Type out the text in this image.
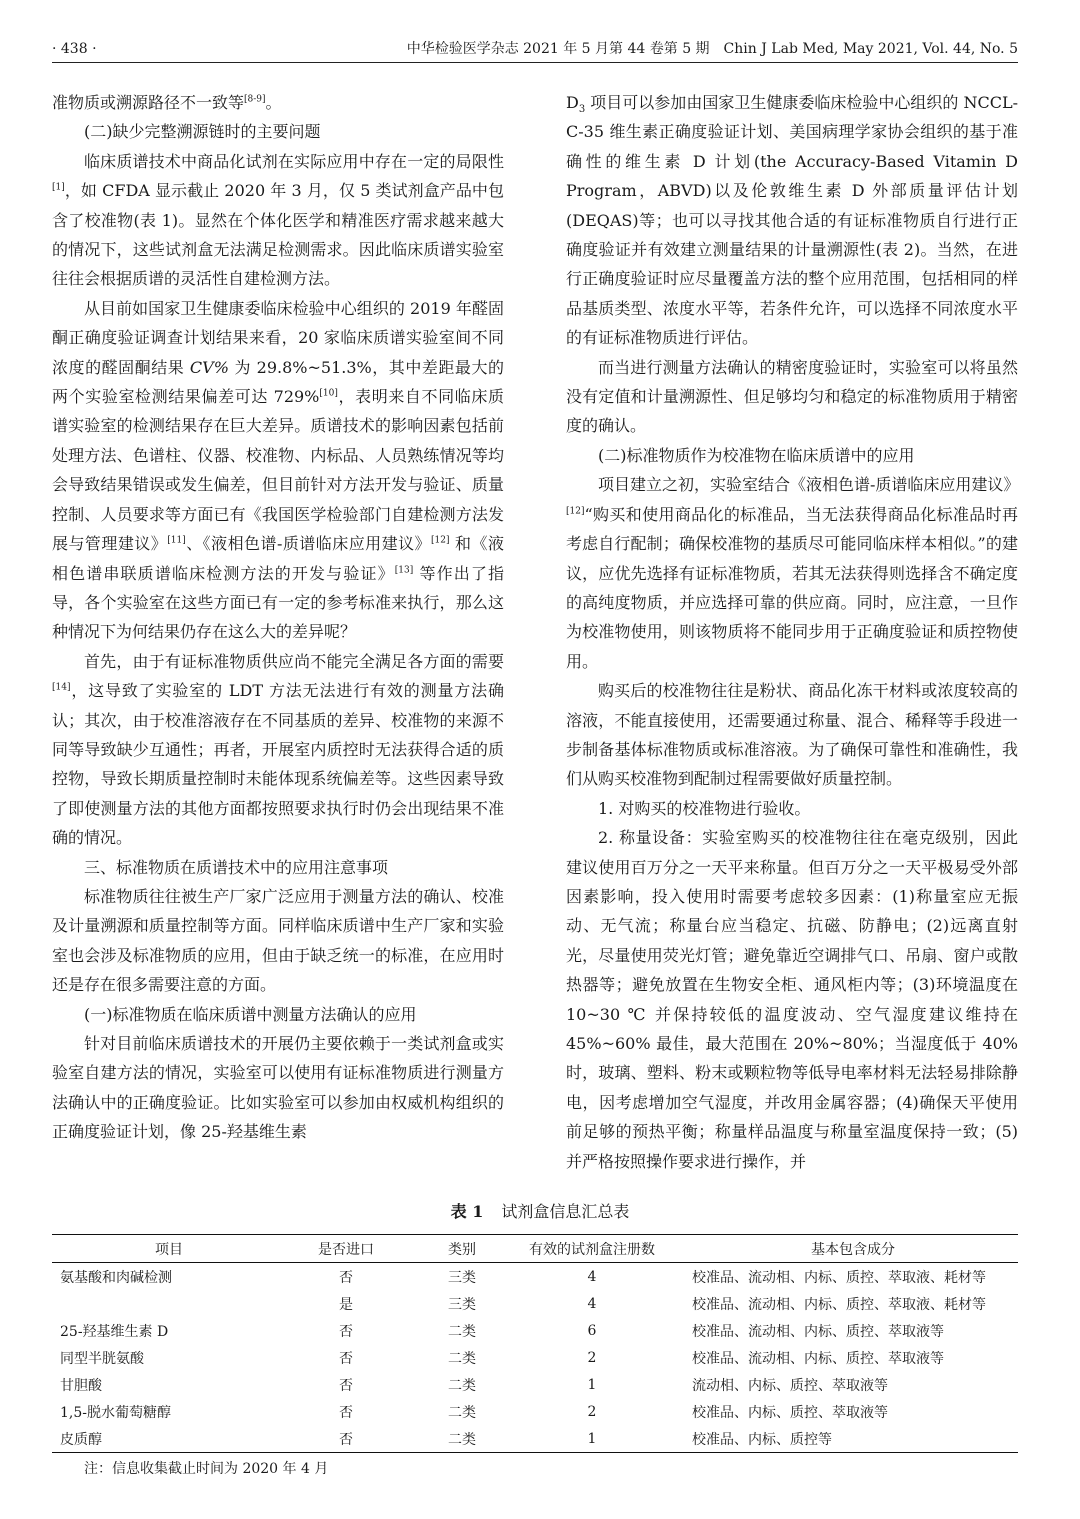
· 438 ·	中华检验医学杂志 2021 年 5 月第 44 卷第 5 期　Chin J Lab Med, May 2021, Vol. 44, No. 5

准物质或溯源路径不一致等[8-9]。

(二)缺少完整溯源链时的主要问题

临床质谱技术中商品化试剂在实际应用中存在一定的局限性[1]，如 CFDA 显示截止 2020 年 3 月，仅 5 类试剂盒产品中包含了校准物(表 1)。显然在个体化医学和精准医疗需求越来越大的情况下，这些试剂盒无法满足检测需求。因此临床质谱实验室往往会根据质谱的灵活性自建检测方法。

从目前如国家卫生健康委临床检验中心组织的 2019 年醛固酮正确度验证调查计划结果来看，20 家临床质谱实验室间不同浓度的醛固酮结果 CV% 为 29.8%~51.3%，其中差距最大的两个实验室检测结果偏差可达 729%[10]，表明来自不同临床质谱实验室的检测结果存在巨大差异。质谱技术的影响因素包括前处理方法、色谱柱、仪器、校准物、内标品、人员熟练情况等均会导致结果错误或发生偏差，但目前针对方法开发与验证、质量控制、人员要求等方面已有《我国医学检验部门自建检测方法发展与管理建议》[11]、《液相色谱-质谱临床应用建议》[12] 和《液相色谱串联质谱临床检测方法的开发与验证》[13] 等作出了指导，各个实验室在这些方面已有一定的参考标准来执行，那么这种情况下为何结果仍存在这么大的差异呢？

首先，由于有证标准物质供应尚不能完全满足各方面的需要[14]，这导致了实验室的 LDT 方法无法进行有效的测量方法确认；其次，由于校准溶液存在不同基质的差异、校准物的来源不同等导致缺少互通性；再者，开展室内质控时无法获得合适的质控物，导致长期质量控制时未能体现系统偏差等。这些因素导致了即使测量方法的其他方面都按照要求执行时仍会出现结果不准确的情况。

三、标准物质在质谱技术中的应用注意事项

标准物质往往被生产厂家广泛应用于测量方法的确认、校准及计量溯源和质量控制等方面。同样临床质谱中生产厂家和实验室也会涉及标准物质的应用，但由于缺乏统一的标准，在应用时还是存在很多需要注意的方面。

(一)标准物质在临床质谱中测量方法确认的应用

针对目前临床质谱技术的开展仍主要依赖于一类试剂盒或实验室自建方法的情况，实验室可以使用有证标准物质进行测量方法确认中的正确度验证。比如实验室可以参加由权威机构组织的正确度验证计划，像 25-羟基维生素

$D_3$ 项目可以参加由国家卫生健康委临床检验中心组织的 NCCL-C-35 维生素正确度验证计划、美国病理学家协会组织的基于准确性的维生素 D 计划(the Accuracy-Based Vitamin D Program，ABVD)以及伦敦维生素 D 外部质量评估计划(DEQAS)等；也可以寻找其他合适的有证标准物质自行进行正确度验证并有效建立测量结果的计量溯源性(表 2)。当然，在进行正确度验证时应尽量覆盖方法的整个应用范围，包括相同的样品基质类型、浓度水平等，若条件允许，可以选择不同浓度水平的有证标准物质进行评估。

而当进行测量方法确认的精密度验证时，实验室可以将虽然没有定值和计量溯源性、但足够均匀和稳定的标准物质用于精密度的确认。

(二)标准物质作为校准物在临床质谱中的应用

项目建立之初，实验室结合《液相色谱-质谱临床应用建议》[12]“购买和使用商品化的标准品，当无法获得商品化标准品时再考虑自行配制；确保校准物的基质尽可能同临床样本相似。”的建议，应优先选择有证标准物质，若其无法获得则选择含不确定度的高纯度物质，并应选择可靠的供应商。同时，应注意，一旦作为校准物使用，则该物质将不能同步用于正确度验证和质控物使用。

购买后的校准物往往是粉状、商品化冻干材料或浓度较高的溶液，不能直接使用，还需要通过称量、混合、稀释等手段进一步制备基体标准物质或标准溶液。为了确保可靠性和准确性，我们从购买校准物到配制过程需要做好质量控制。

1. 对购买的校准物进行验收。

2. 称量设备：实验室购买的校准物往往在毫克级别，因此建议使用百万分之一天平来称量。但百万分之一天平极易受外部因素影响，投入使用时需要考虑较多因素：(1)称量室应无振动、无气流；称量台应当稳定、抗磁、防静电；(2)远离直射光，尽量使用荧光灯管；避免靠近空调排气口、吊扇、窗户或散热器等；避免放置在生物安全柜、通风柜内等；(3)环境温度在 10~30 ℃ 并保持较低的温度波动、空气湿度建议维持在 45%~60% 最佳，最大范围在 20%~80%；当湿度低于 40% 时，玻璃、塑料、粉末或颗粒物等低导电率材料无法轻易排除静电，因考虑增加空气湿度，并改用金属容器；(4)确保天平使用前足够的预热平衡；称量样品温度与称量室温度保持一致；(5)并严格按照操作要求进行操作，并

表 1 试剂盒信息汇总表
项目	是否进口	类别	有效的试剂盒注册数	基本包含成分
氨基酸和肉碱检测	否	三类	4	校准品、流动相、内标、质控、萃取液、耗材等
	是	三类	4	校准品、流动相、内标、质控、萃取液、耗材等
25-羟基维生素 D	否	二类	6	校准品、流动相、内标、质控、萃取液等
同型半胱氨酸	否	二类	2	校准品、流动相、内标、质控、萃取液等
甘胆酸	否	二类	1	流动相、内标、质控、萃取液等
1,5-脱水葡萄糖醇	否	二类	2	校准品、内标、质控、萃取液等
皮质醇	否	二类	1	校准品、内标、质控等
注：信息收集截止时间为 2020 年 4 月
